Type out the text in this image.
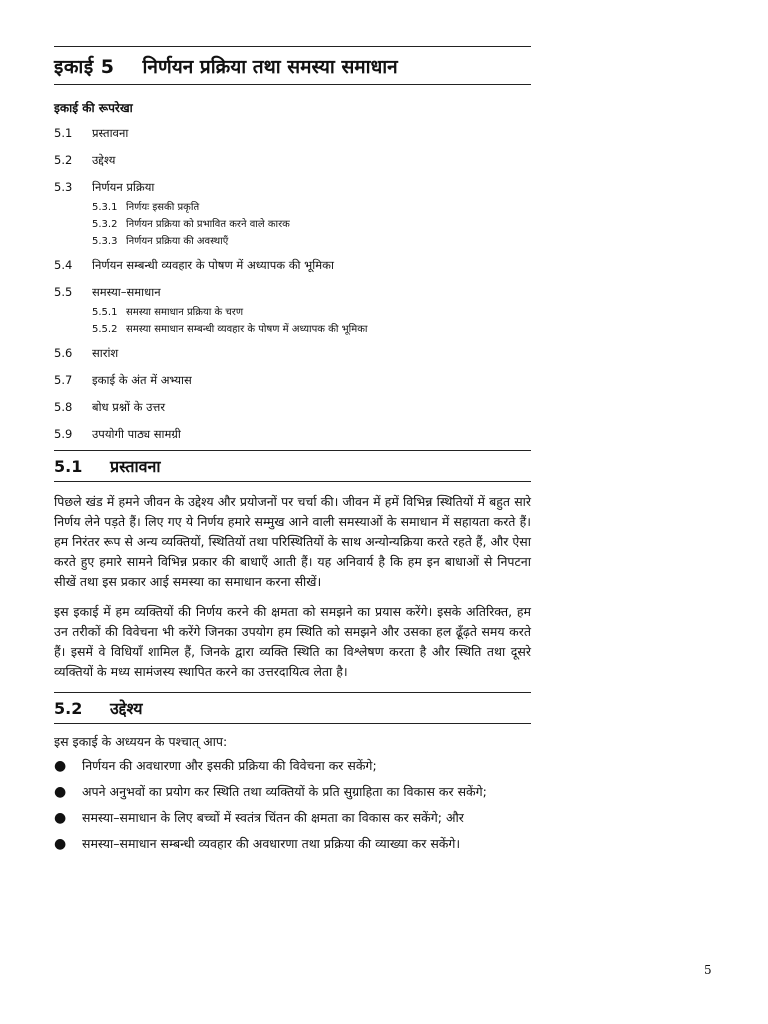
इकाई 5 निर्णयन प्रक्रिया तथा समस्या समाधान
इकाई की रूपरेखा
5.1	प्रस्तावना
5.2	उद्देश्य
5.3	निर्णयन प्रक्रिया
5.3.1 निर्णयः इसकी प्रकृति
5.3.2 निर्णयन प्रक्रिया को प्रभावित करने वाले कारक
5.3.3 निर्णयन प्रक्रिया की अवस्थाएँ
5.4	निर्णयन सम्बन्धी व्यवहार के पोषण में अध्यापक की भूमिका
5.5	समस्या–समाधान
5.5.1 समस्या समाधान प्रक्रिया के चरण
5.5.2 समस्या समाधान सम्बन्धी व्यवहार के पोषण में अध्यापक की भूमिका
5.6	सारांश
5.7	इकाई के अंत में अभ्यास
5.8	बोध प्रश्नों के उत्तर
5.9	उपयोगी पाठ्य सामग्री
5.1	प्रस्तावना

पिछले खंड में हमने जीवन के उद्देश्य और प्रयोजनों पर चर्चा की। जीवन में हमें विभिन्न स्थितियों में बहुत सारे निर्णय लेने पड़ते हैं। लिए गए ये निर्णय हमारे सम्मुख आने वाली समस्याओं के समाधान में सहायता करते हैं। हम निरंतर रूप से अन्य व्यक्तियों, स्थितियों तथा परिस्थितियों के साथ अन्योन्यक्रिया करते रहते हैं, और ऐसा करते हुए हमारे सामने विभिन्न प्रकार की बाधाएँ आती हैं। यह अनिवार्य है कि हम इन बाधाओं से निपटना सीखें तथा इस प्रकार आई समस्या का समाधान करना सीखें।

इस इकाई में हम व्यक्तियों की निर्णय करने की क्षमता को समझने का प्रयास करेंगे। इसके अतिरिक्त, हम उन तरीकों की विवेचना भी करेंगे जिनका उपयोग हम स्थिति को समझने और उसका हल ढूँढ़ते समय करते हैं। इसमें वे विधियाँ शामिल हैं, जिनके द्वारा व्यक्ति स्थिति का विश्लेषण करता है और स्थिति तथा दूसरे व्यक्तियों के मध्य सामंजस्य स्थापित करने का उत्तरदायित्व लेता है।

5.2	उद्देश्य

इस इकाई के अध्ययन के पश्चात् आप:

●	निर्णयन की अवधारणा और इसकी प्रक्रिया की विवेचना कर सकेंगे;
●	अपने अनुभवों का प्रयोग कर स्थिति तथा व्यक्तियों के प्रति सुग्राहिता का विकास कर सकेंगे;
●	समस्या–समाधान के लिए बच्चों में स्वतंत्र चिंतन की क्षमता का विकास कर सकेंगे; और
●	समस्या–समाधान सम्बन्धी व्यवहार की अवधारणा तथा प्रक्रिया की व्याख्या कर सकेंगे।
5
